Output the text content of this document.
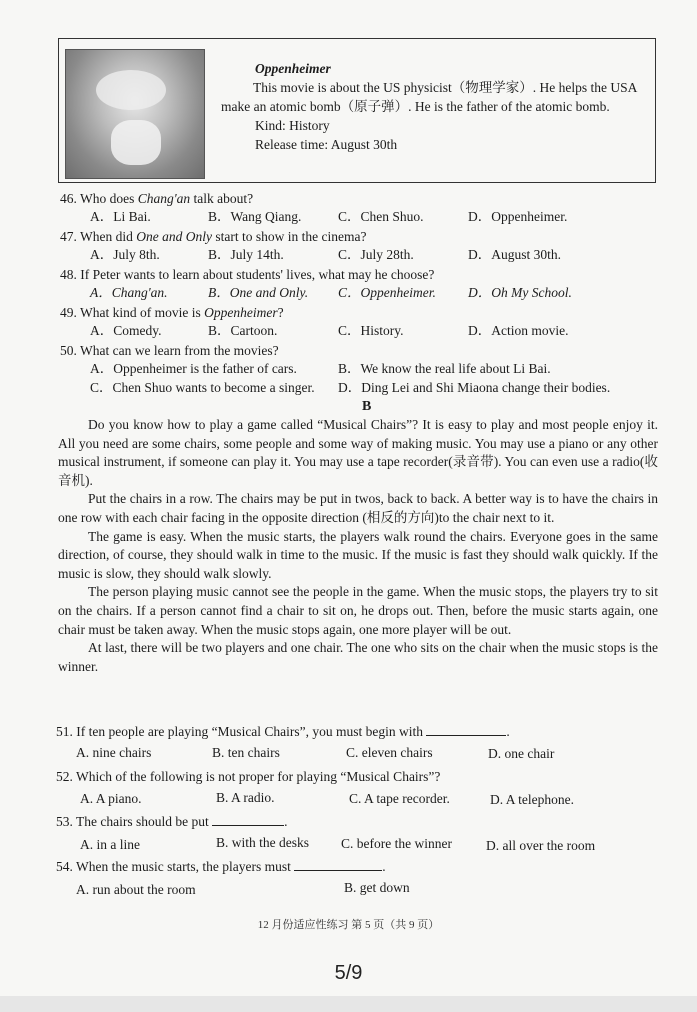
Oppenheimer
This movie is about the US physicist（物理学家）. He helps the USA make an atomic bomb（原子弹）. He is the father of the atomic bomb.
Kind: History
Release time: August 30th
46. Who does Chang'an talk about?
A．Li Bai.	B．Wang Qiang.	C．Chen Shuo.	D．Oppenheimer.
47. When did One and Only start to show in the cinema?
A．July 8th.	B．July 14th.	C．July 28th.	D．August 30th.
48. If Peter wants to learn about students' lives, what may he choose?
A．Chang'an.	B．One and Only. C．Oppenheimer. D．Oh My School.
49. What kind of movie is Oppenheimer?
A．Comedy.	B．Cartoon.	C．History.	D．Action movie.
50. What can we learn from the movies?
A．Oppenheimer is the father of cars.	B．We know the real life about Li Bai.
C．Chen Shuo wants to become a singer. D．Ding Lei and Shi Miaona change their bodies.
B

Do you know how to play a game called “Musical Chairs”? It is easy to play and most people enjoy it. All you need are some chairs, some people and some way of making music. You may use a piano or any other musical instrument, if someone can play it. You may use a tape recorder(录音带). You can even use a radio(收音机).

Put the chairs in a row. The chairs may be put in twos, back to back. A better way is to have the chairs in one row with each chair facing in the opposite direction (相反的方向)to the chair next to it.

The game is easy. When the music starts, the players walk round the chairs. Everyone goes in the same direction, of course, they should walk in time to the music. If the music is fast they should walk quickly. If the music is slow, they should walk slowly.

The person playing music cannot see the people in the game. When the music stops, the players try to sit on the chairs. If a person cannot find a chair to sit on, he drops out. Then, before the music starts again, one chair must be taken away. When the music stops again, one more player will be out.

At last, there will be two players and one chair. The one who sits on the chair when the music stops is the winner.

51. If ten people are playing “Musical Chairs”, you must begin with	.
A. nine chairs	B. ten chairs	C. eleven chairs	D. one chair
52. Which of the following is not proper for playing “Musical Chairs”?
A. A piano.	B. A radio.	C. A tape recorder.	D. A telephone.
53. The chairs should be put	.
A. in a line	B. with the desks C. before the winner	D. all over the room
54. When the music starts, the players must	.
A. run about the room	B. get down
12 月份适应性练习 第 5 页（共 9 页）
5/9
